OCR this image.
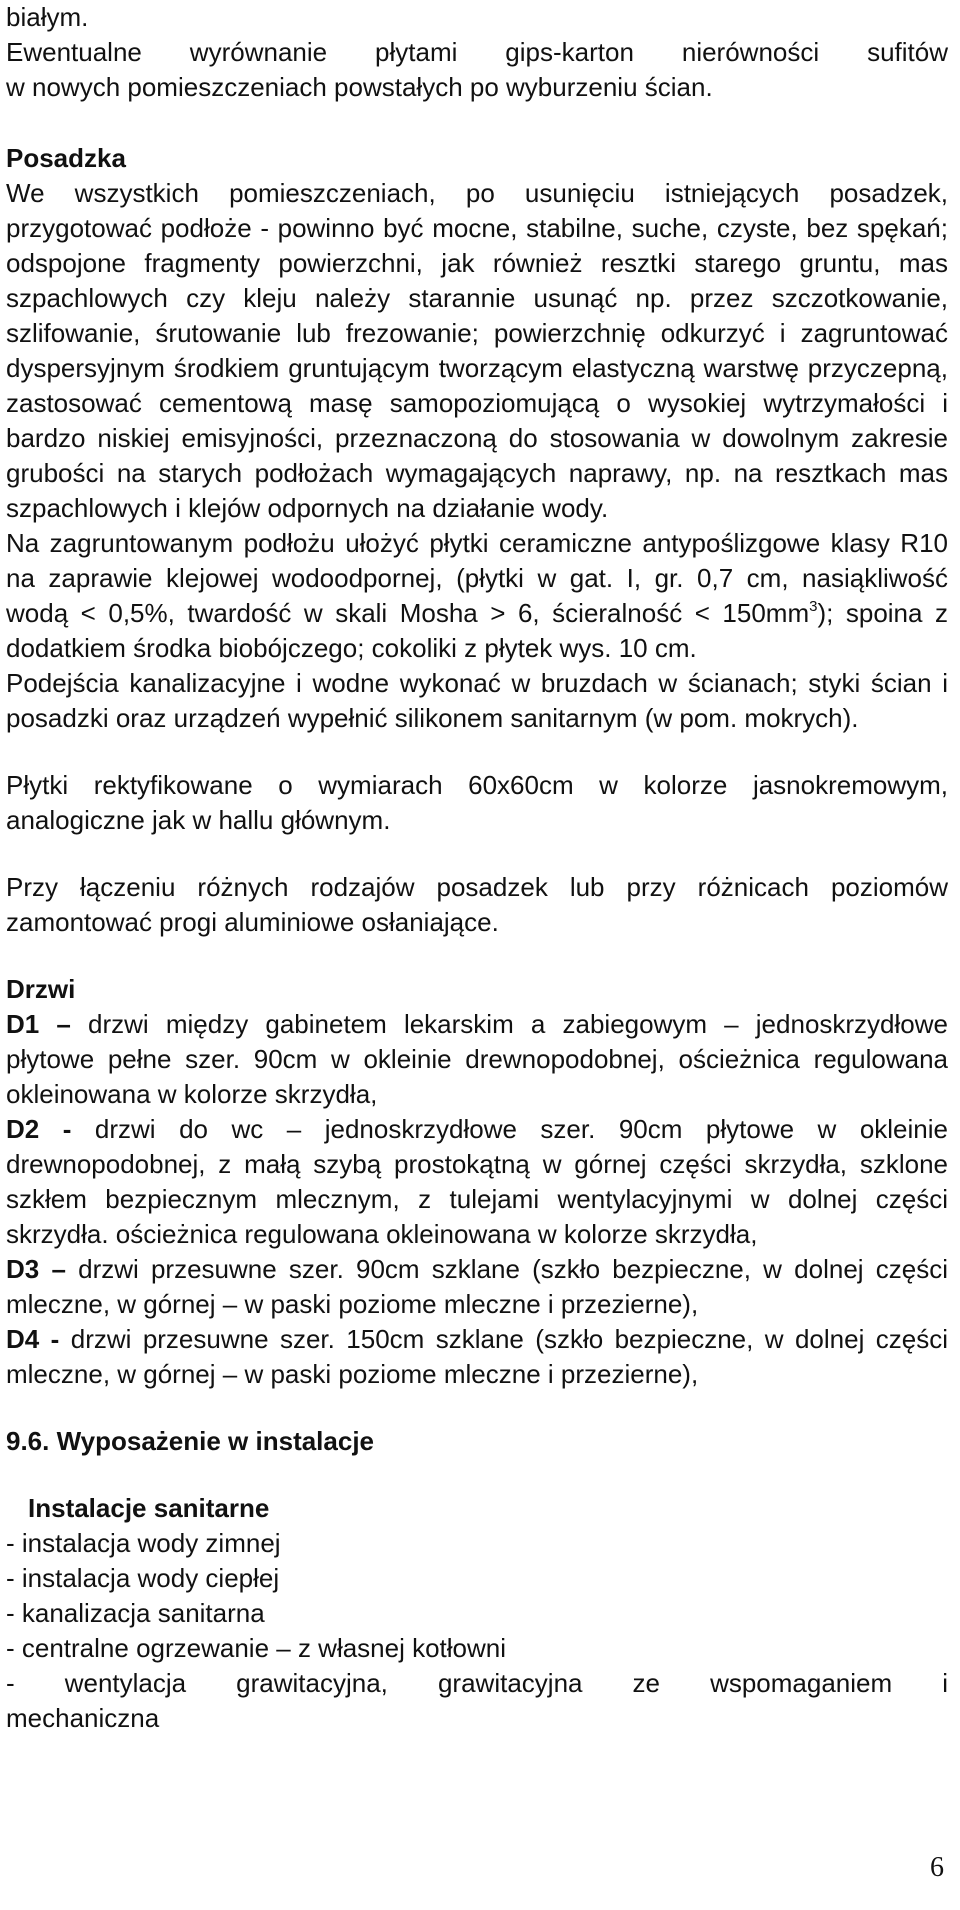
białym.

Ewentualne wyrównanie płytami gips-karton nierówności sufitów

w nowych pomieszczeniach powstałych po wyburzeniu ścian.

Posadzka

We wszystkich pomieszczeniach, po usunięciu istniejących posadzek, przygotować podłoże - powinno być mocne, stabilne, suche, czyste, bez spękań; odspojone fragmenty powierzchni, jak również resztki starego gruntu, mas szpachlowych czy kleju należy starannie usunąć np. przez szczotkowanie, szlifowanie, śrutowanie lub frezowanie; powierzchnię odkurzyć i zagruntować dyspersyjnym środkiem gruntującym tworzącym elastyczną warstwę przyczepną, zastosować cementową masę samopoziomującą o wysokiej wytrzymałości i bardzo niskiej emisyjności, przeznaczoną do stosowania w dowolnym zakresie grubości na starych podłożach wymagających naprawy, np. na resztkach mas szpachlowych i klejów odpornych na działanie wody.

Na zagruntowanym podłożu ułożyć płytki ceramiczne antypoślizgowe klasy R10 na zaprawie klejowej wodoodpornej, (płytki w gat. I, gr. 0,7 cm, nasiąkliwość wodą < 0,5%, twardość w skali Mosha > 6, ścieralność < $150mm^3$); spoina z dodatkiem środka biobójczego; cokoliki z płytek wys. 10 cm.

Podejścia kanalizacyjne i wodne wykonać w bruzdach w ścianach; styki ścian i posadzki oraz urządzeń wypełnić silikonem sanitarnym (w pom. mokrych).

Płytki rektyfikowane o wymiarach 60x60cm w kolorze jasnokremowym, analogiczne jak w hallu głównym.

Przy łączeniu różnych rodzajów posadzek lub przy różnicach poziomów zamontować progi aluminiowe osłaniające.

Drzwi

D1 – drzwi między gabinetem lekarskim a zabiegowym – jednoskrzydłowe płytowe pełne szer. 90cm w okleinie drewnopodobnej, ościeżnica regulowana okleinowana w kolorze skrzydła,

D2 - drzwi do wc – jednoskrzydłowe szer. 90cm płytowe w okleinie drewnopodobnej, z małą szybą prostokątną w górnej części skrzydła, szklone szkłem bezpiecznym mlecznym, z tulejami wentylacyjnymi w dolnej części skrzydła. ościeżnica regulowana okleinowana w kolorze skrzydła,

D3 – drzwi przesuwne szer. 90cm szklane (szkło bezpieczne, w dolnej części mleczne, w górnej – w paski poziome mleczne i przezierne),

D4 - drzwi przesuwne szer. 150cm szklane (szkło bezpieczne, w dolnej części mleczne, w górnej – w paski poziome mleczne i przezierne),

9.6. Wyposażenie w instalacje

Instalacje sanitarne

- instalacja wody zimnej

- instalacja wody ciepłej

- kanalizacja sanitarna

- centralne ogrzewanie – z własnej kotłowni

- wentylacja grawitacyjna, grawitacyjna ze wspomaganiem i

mechaniczna

6
